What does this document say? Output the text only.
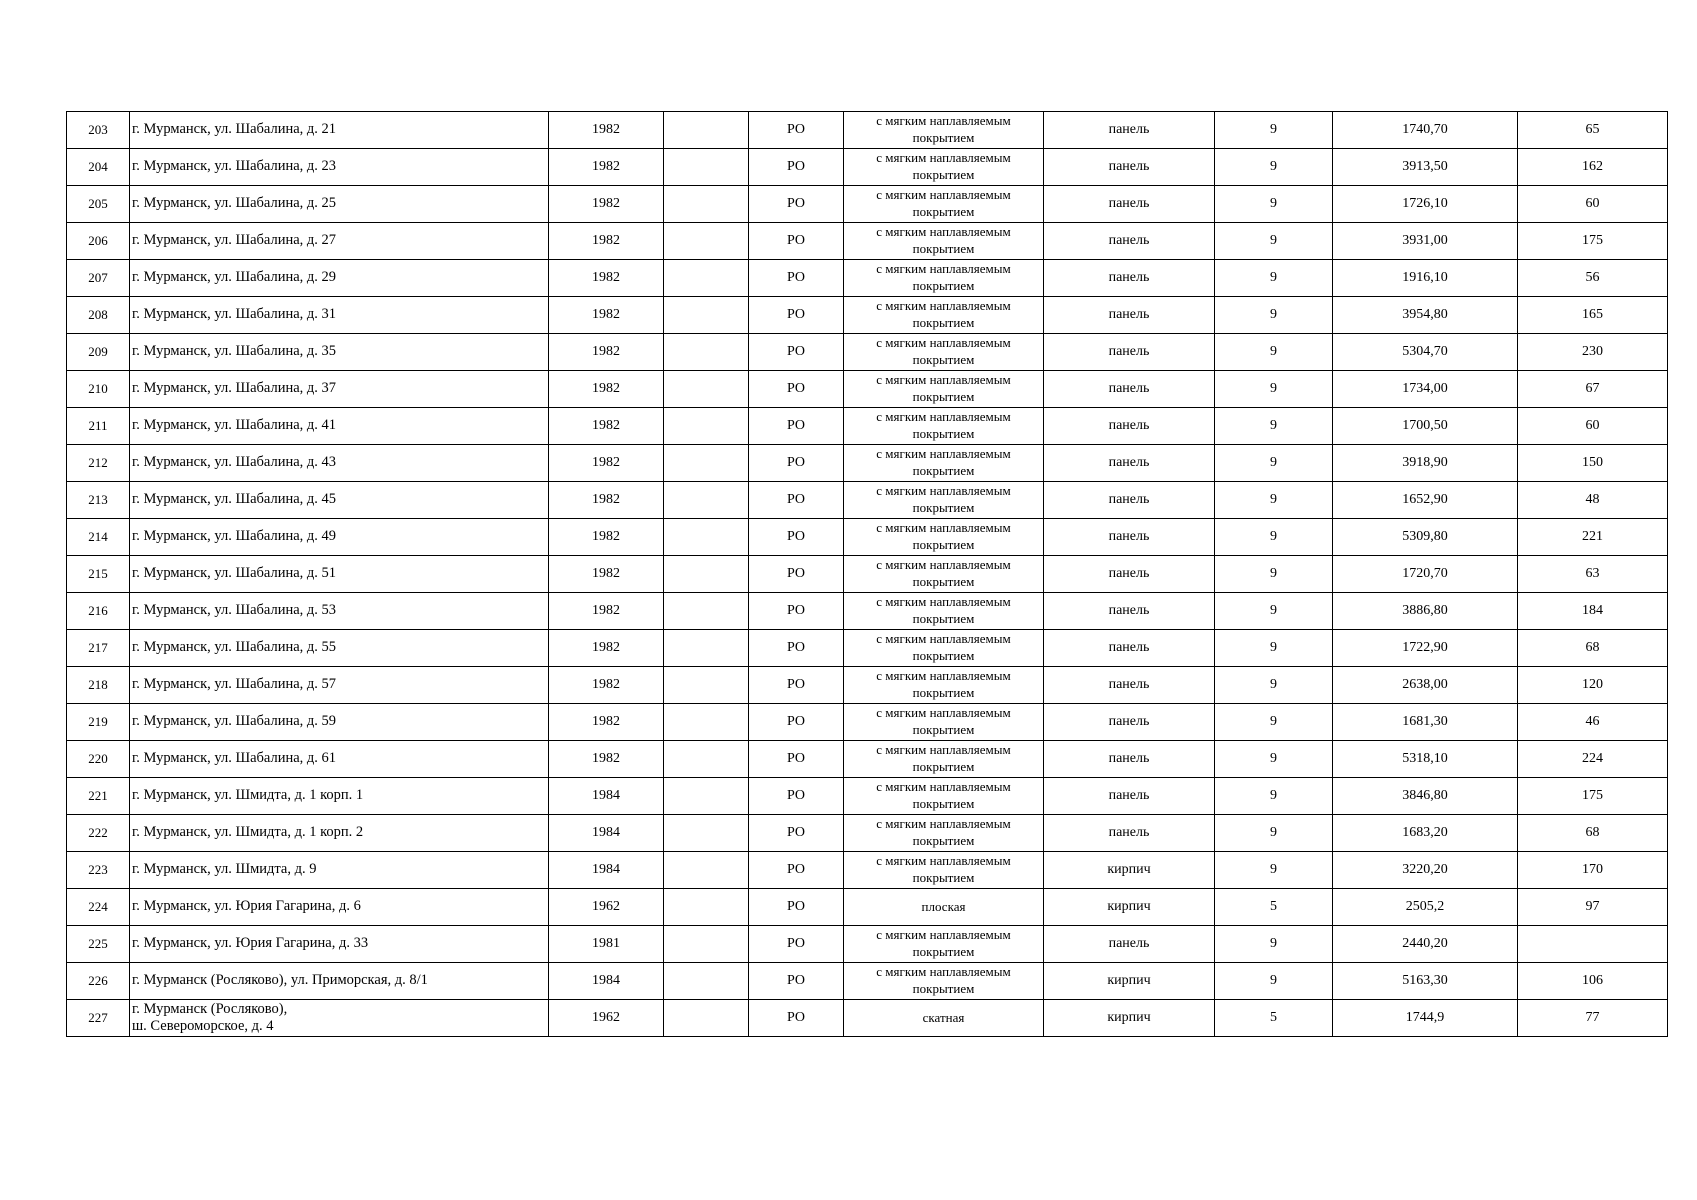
203	г. Мурманск, ул. Шабалина, д. 21	1982		РО	с мягким наплавляемым покрытием	панель	9	1740,70	65
204	г. Мурманск, ул. Шабалина, д. 23	1982		РО	с мягким наплавляемым покрытием	панель	9	3913,50	162
205	г. Мурманск, ул. Шабалина, д. 25	1982		РО	с мягким наплавляемым покрытием	панель	9	1726,10	60
206	г. Мурманск, ул. Шабалина, д. 27	1982		РО	с мягким наплавляемым покрытием	панель	9	3931,00	175
207	г. Мурманск, ул. Шабалина, д. 29	1982		РО	с мягким наплавляемым покрытием	панель	9	1916,10	56
208	г. Мурманск, ул. Шабалина, д. 31	1982		РО	с мягким наплавляемым покрытием	панель	9	3954,80	165
209	г. Мурманск, ул. Шабалина, д. 35	1982		РО	с мягким наплавляемым покрытием	панель	9	5304,70	230
210	г. Мурманск, ул. Шабалина, д. 37	1982		РО	с мягким наплавляемым покрытием	панель	9	1734,00	67
211	г. Мурманск, ул. Шабалина, д. 41	1982		РО	с мягким наплавляемым покрытием	панель	9	1700,50	60
212	г. Мурманск, ул. Шабалина, д. 43	1982		РО	с мягким наплавляемым покрытием	панель	9	3918,90	150
213	г. Мурманск, ул. Шабалина, д. 45	1982		РО	с мягким наплавляемым покрытием	панель	9	1652,90	48
214	г. Мурманск, ул. Шабалина, д. 49	1982		РО	с мягким наплавляемым покрытием	панель	9	5309,80	221
215	г. Мурманск, ул. Шабалина, д. 51	1982		РО	с мягким наплавляемым покрытием	панель	9	1720,70	63
216	г. Мурманск, ул. Шабалина, д. 53	1982		РО	с мягким наплавляемым покрытием	панель	9	3886,80	184
217	г. Мурманск, ул. Шабалина, д. 55	1982		РО	с мягким наплавляемым покрытием	панель	9	1722,90	68
218	г. Мурманск, ул. Шабалина, д. 57	1982		РО	с мягким наплавляемым покрытием	панель	9	2638,00	120
219	г. Мурманск, ул. Шабалина, д. 59	1982		РО	с мягким наплавляемым покрытием	панель	9	1681,30	46
220	г. Мурманск, ул. Шабалина, д. 61	1982		РО	с мягким наплавляемым покрытием	панель	9	5318,10	224
221	г. Мурманск, ул. Шмидта, д. 1 корп. 1	1984		РО	с мягким наплавляемым покрытием	панель	9	3846,80	175
222	г. Мурманск, ул. Шмидта, д. 1 корп. 2	1984		РО	с мягким наплавляемым покрытием	панель	9	1683,20	68
223	г. Мурманск, ул. Шмидта, д. 9	1984		РО	с мягким наплавляемым покрытием	кирпич	9	3220,20	170
224	г. Мурманск, ул. Юрия Гагарина, д. 6	1962		РО	плоская	кирпич	5	2505,2	97
225	г. Мурманск, ул. Юрия Гагарина, д. 33	1981		РО	с мягким наплавляемым покрытием	панель	9	2440,20	
226	г. Мурманск (Росляково), ул. Приморская, д. 8/1	1984		РО	с мягким наплавляемым покрытием	кирпич	9	5163,30	106
227	г. Мурманск (Росляково),
ш. Североморское, д. 4	1962		РО	скатная	кирпич	5	1744,9	77
